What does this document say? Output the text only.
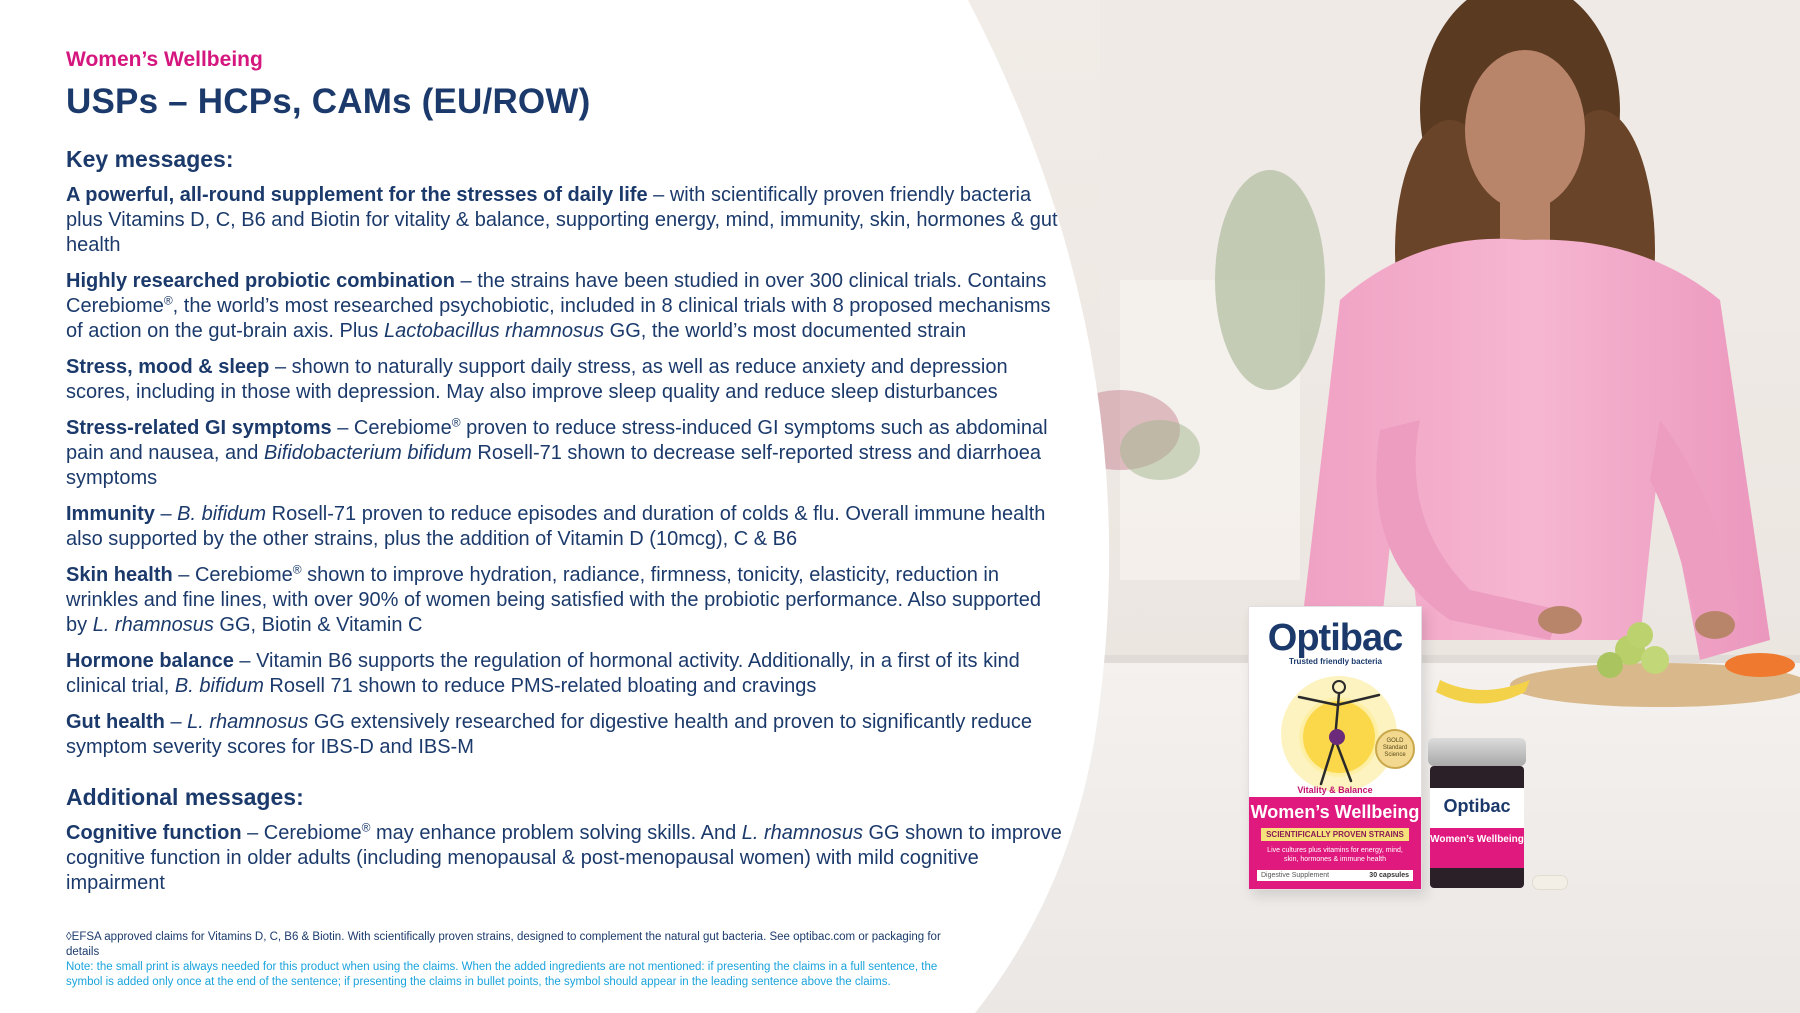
Optibac
Trusted friendly bacteria
GOLD Standard Science
Vitality & Balance
Women’s Wellbeing
SCIENTIFICALLY PROVEN STRAINS
Live cultures plus vitamins for energy, mind, skin, hormones & immune health
Digestive Supplement	30 capsules
Optibac
Women’s Wellbeing
Women’s Wellbeing
USPs – HCPs, CAMs (EU/ROW)
Key messages:

A powerful, all-round supplement for the stresses of daily life – with scientifically proven friendly bacteria plus Vitamins D, C, B6 and Biotin for vitality & balance, supporting energy, mind, immunity, skin, hormones & gut health

Highly researched probiotic combination – the strains have been studied in over 300 clinical trials. Contains Cerebiome®, the world’s most researched psychobiotic, included in 8 clinical trials with 8 proposed mechanisms of action on the gut-brain axis. Plus Lactobacillus rhamnosus GG, the world’s most documented strain

Stress, mood & sleep – shown to naturally support daily stress, as well as reduce anxiety and depression scores, including in those with depression. May also improve sleep quality and reduce sleep disturbances

Stress-related GI symptoms – Cerebiome® proven to reduce stress-induced GI symptoms such as abdominal pain and nausea, and Bifidobacterium bifidum Rosell-71 shown to decrease self-reported stress and diarrhoea symptoms

Immunity – B. bifidum Rosell-71 proven to reduce episodes and duration of colds & flu. Overall immune health also supported by the other strains, plus the addition of Vitamin D (10mcg), C & B6

Skin health – Cerebiome® shown to improve hydration, radiance, firmness, tonicity, elasticity, reduction in wrinkles and fine lines, with over 90% of women being satisfied with the probiotic performance. Also supported by L. rhamnosus GG, Biotin & Vitamin C

Hormone balance – Vitamin B6 supports the regulation of hormonal activity. Additionally, in a first of its kind clinical trial, B. bifidum Rosell 71 shown to reduce PMS-related bloating and cravings

Gut health – L. rhamnosus GG extensively researched for digestive health and proven to significantly reduce symptom severity scores for IBS-D and IBS-M

Additional messages:

Cognitive function – Cerebiome® may enhance problem solving skills. And L. rhamnosus GG shown to improve cognitive function in older adults (including menopausal & post-menopausal women) with mild cognitive impairment

◊EFSA approved claims for Vitamins D, C, B6 & Biotin. With scientifically proven strains, designed to complement the natural gut bacteria. See optibac.com or packaging for details

Note: the small print is always needed for this product when using the claims. When the added ingredients are not mentioned: if presenting the claims in a full sentence, the symbol is added only once at the end of the sentence; if presenting the claims in bullet points, the symbol should appear in the leading sentence above the claims.
